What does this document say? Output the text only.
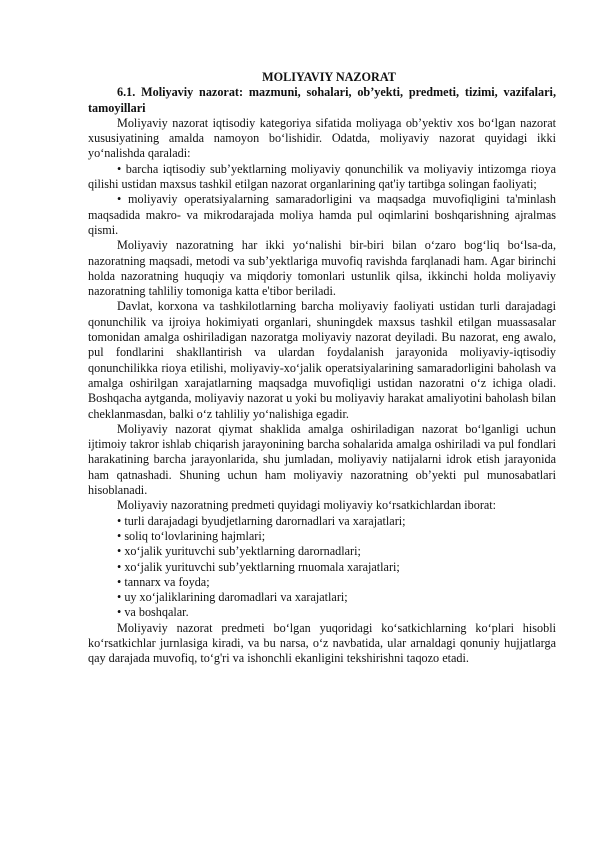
MOLIYAVIY NAZORAT

6.1. Moliyaviy nazorat: mazmuni, sohalari, ob’yekti, predmeti, tizimi, vazifalari, tamoyillari

Moliyaviy nazorat iqtisodiy kategoriya sifatida moliyaga ob’yektiv xos bo‘lgan nazorat xususiyatining amalda namoyon bo‘lishidir. Odatda, moliyaviy nazorat quyidagi ikki yo‘nalishda qaraladi:

• barcha iqtisodiy sub’yektlarning moliyaviy qonunchilik va moliyaviy intizomga rioya qilishi ustidan maxsus tashkil etilgan nazorat organlarining qat'iy tartibga solingan faoliyati;

• moliyaviy operatsiyalarning samaradorligini va maqsadga muvofiqligini ta'minlash maqsadida makro- va mikrodarajada moliya hamda pul oqimlarini boshqarishning ajralmas qismi.

Moliyaviy nazoratning har ikki yo‘nalishi bir-biri bilan o‘zaro bog‘liq bo‘lsa-da, nazoratning maqsadi, metodi va sub’yektlariga muvofiq ravishda farqlanadi ham. Agar birinchi holda nazoratning huquqiy va miqdoriy tomonlari ustunlik qilsa, ikkinchi holda moliyaviy nazoratning tahliliy tomoniga katta e'tibor beriladi.

Davlat, korxona va tashkilotlarning barcha moliyaviy faoliyati ustidan turli darajadagi qonunchilik va ijroiya hokimiyati organlari, shuningdek maxsus tashkil etilgan muassasalar tomonidan amalga oshiriladigan nazoratga moliyaviy nazorat deyiladi. Bu nazorat, eng awalo, pul fondlarini shakllantirish va ulardan foydalanish jarayonida moliyaviy-iqtisodiy qonunchilikka rioya etilishi, moliyaviy-xo‘jalik operatsiyalarining samaradorligini baholash va amalga oshirilgan xarajatlarning maqsadga muvofiqligi ustidan nazoratni o‘z ichiga oladi. Boshqacha aytganda, moliyaviy nazorat u yoki bu moliyaviy harakat amaliyotini baholash bilan cheklanmasdan, balki o‘z tahliliy yo‘nalishiga egadir.

Moliyaviy nazorat qiymat shaklida amalga oshiriladigan nazorat bo‘lganligi uchun ijtimoiy takror ishlab chiqarish jarayonining barcha sohalarida amalga oshiriladi va pul fondlari harakatining barcha jarayonlarida, shu jumladan, moliyaviy natijalarni idrok etish jarayonida ham qatnashadi. Shuning uchun ham moliyaviy nazoratning ob’yekti pul munosabatlari hisoblanadi.

Moliyaviy nazoratning predmeti quyidagi moliyaviy ko‘rsatkichlardan iborat:

• turli darajadagi byudjetlarning darornadlari va xarajatlari;

• soliq to‘lovlarining hajmlari;

• xo‘jalik yurituvchi sub’yektlarning darornadlari;

• xo‘jalik yurituvchi sub’yektlarning rnuomala xarajatlari;

• tannarx va foyda;

• uy xo‘jaliklarining daromadlari va xarajatlari;

• va boshqalar.

Moliyaviy nazorat predmeti bo‘lgan yuqoridagi ko‘satkichlarning ko‘plari hisobli ko‘rsatkichlar jurnlasiga kiradi, va bu narsa, o‘z navbatida, ular arnaldagi qonuniy hujjatlarga qay darajada muvofiq, to‘g'ri va ishonchli ekanligini tekshirishni taqozo etadi.
